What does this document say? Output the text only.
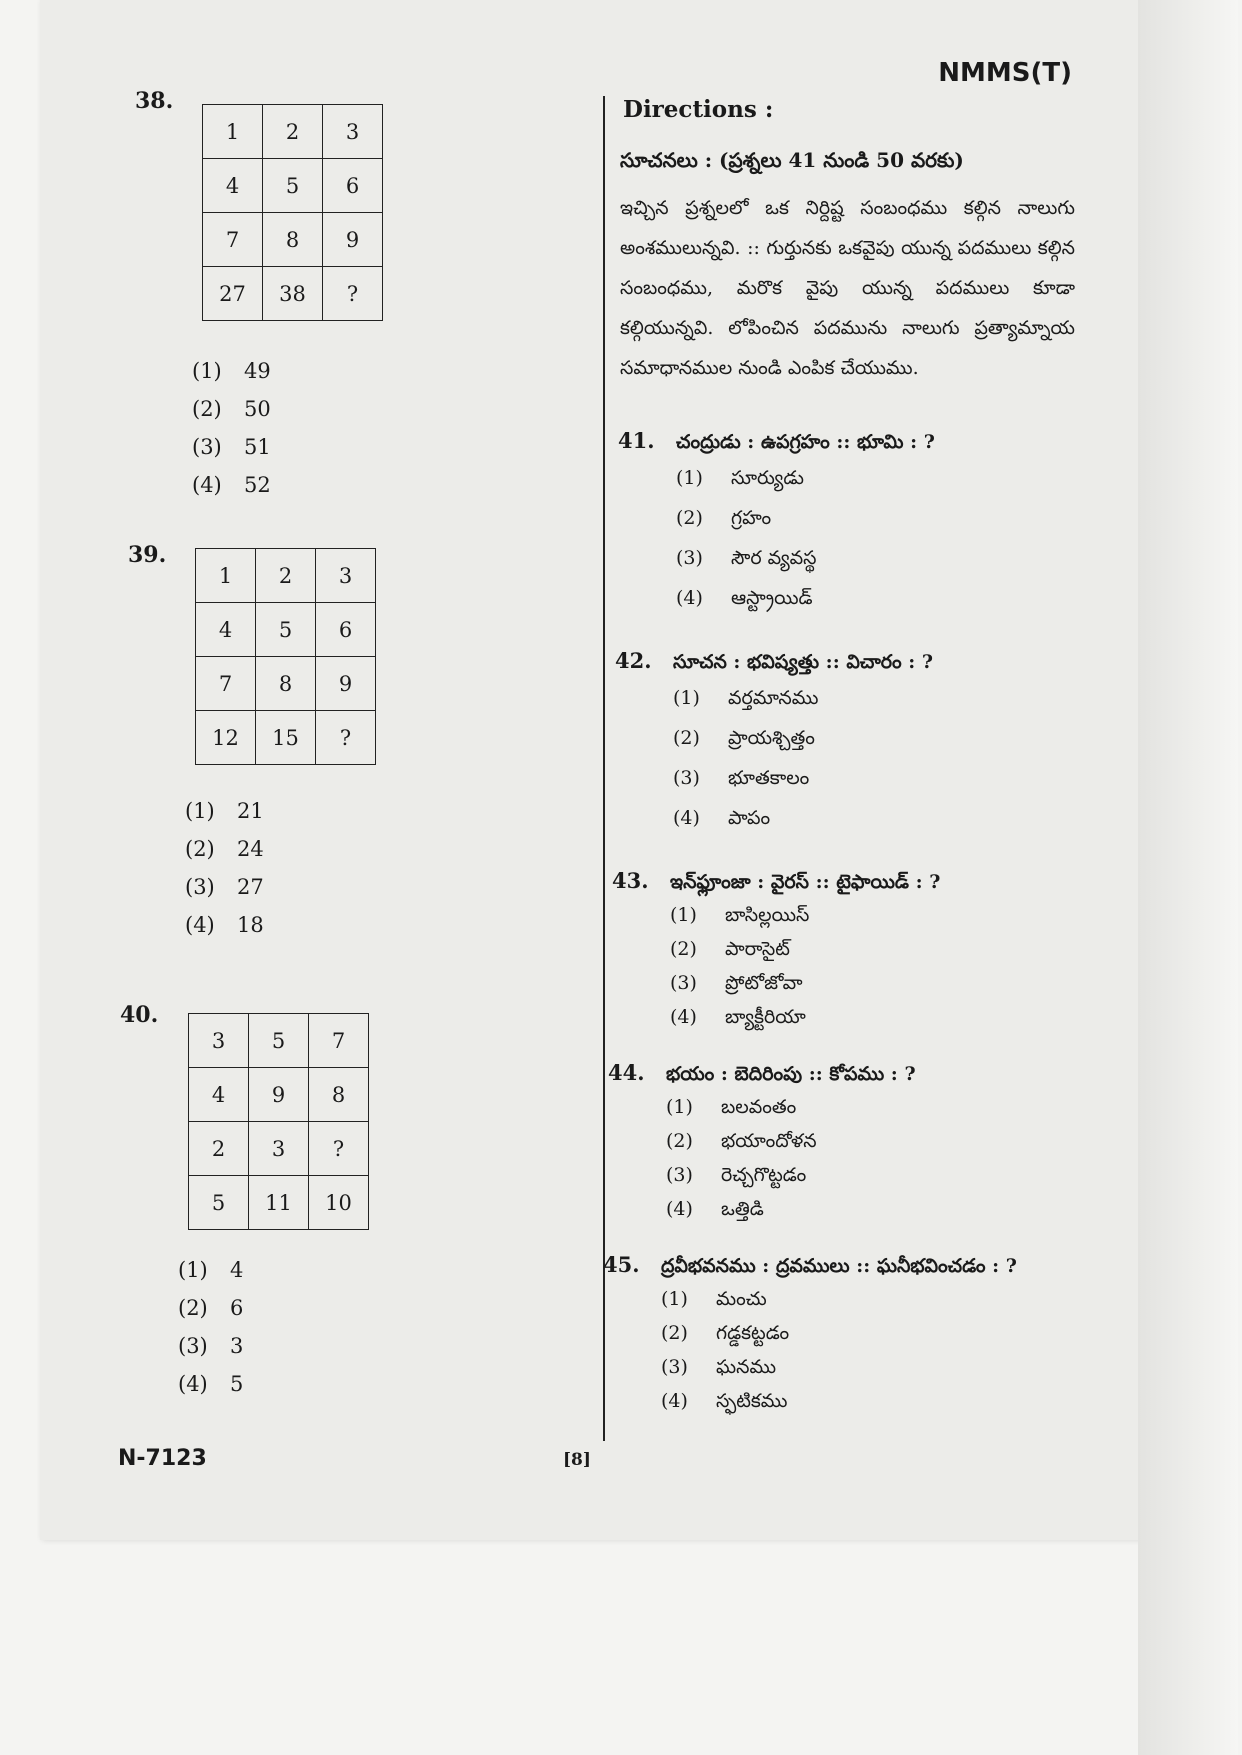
NMMS(T)
38.
1	2	3
4	5	6
7	8	9
27	38	?
(1) 49
(2) 50
(3) 51
(4) 52
39.
1	2	3
4	5	6
7	8	9
12	15	?
(1) 21
(2) 24
(3) 27
(4) 18
40.
3	5	7
4	9	8
2	3	?
5	11	10
(1) 4
(2) 6
(3) 3
(4) 5
Directions :
సూచనలు : (ప్రశ్నలు 41 నుండి 50 వరకు)
ఇచ్చిన ప్రశ్నలలో ఒక నిర్దిష్ట సంబంధము కల్గిన నాలుగు అంశములున్నవి. :: గుర్తునకు ఒకవైపు యున్న పదములు కల్గిన సంబంధము, మరొక వైపు యున్న పదములు కూడా కల్గియున్నవి. లోపించిన పదమును నాలుగు ప్రత్యామ్నాయ సమాధానముల నుండి ఎంపిక చేయుము.
41. చంద్రుడు : ఉపగ్రహం :: భూమి : ?
(1) సూర్యుడు
(2) గ్రహం
(3) సౌర వ్యవస్థ
(4) ఆస్ట్రాయిడ్
42. సూచన : భవిష్యత్తు :: విచారం : ?
(1) వర్తమానము
(2) ప్రాయశ్చిత్తం
(3) భూతకాలం
(4) పాపం
43. ఇన్‌ఫ్లూంజా : వైరస్ :: టైఫాయిడ్ : ?
(1) బాసిల్లయిస్
(2) పారాసైట్
(3) ప్రోటోజోవా
(4) బ్యాక్టీరియా
44. భయం : బెదిరింపు :: కోపము : ?
(1) బలవంతం
(2) భయాందోళన
(3) రెచ్చగొట్టడం
(4) ఒత్తిడి
45. ద్రవీభవనము : ద్రవములు :: ఘనీభవించడం : ?
(1) మంచు
(2) గడ్డకట్టడం
(3) ఘనము
(4) స్ఫటికము
N-7123	[8]
